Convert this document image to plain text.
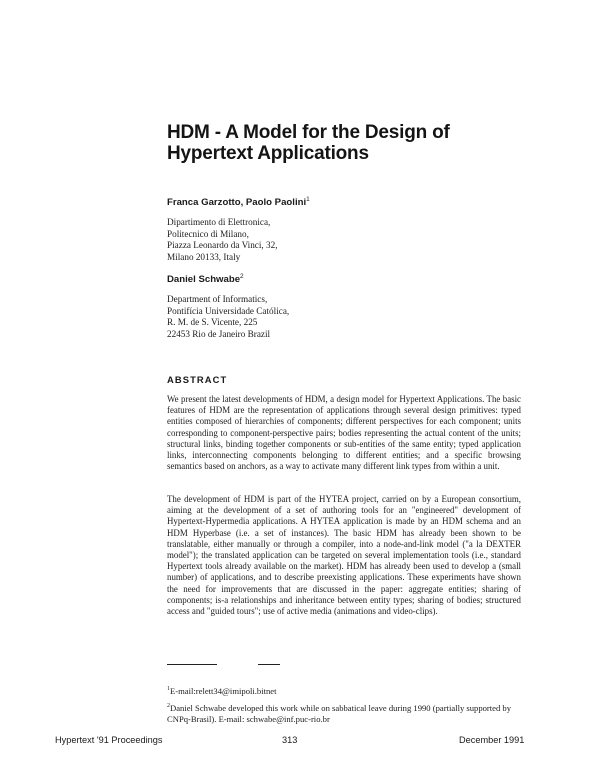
HDM - A Model for the Design of
Hypertext Applications
Franca Garzotto, Paolo Paolini$^1$
Dipartimento di Elettronica,
Politecnico di Milano,
Piazza Leonardo da Vinci, 32,
Milano 20133, Italy
Daniel Schwabe$^2$
Department of Informatics,
Pontifícia Universidade Católica,
R. M. de S. Vicente, 225
22453 Rio de Janeiro Brazil
ABSTRACT
We present the latest developments of HDM, a design model for Hypertext Applications. The basic features of HDM are the representation of applications through several design primitives: typed entities composed of hierarchies of components; different perspectives for each component; units corresponding to component-perspective pairs; bodies representing the actual content of the units; structural links, binding together components or sub-entities of the same entity; typed application links, interconnecting components belonging to different entities; and a specific browsing semantics based on anchors, as a way to activate many different link types from within a unit.
The development of HDM is part of the HYTEA project, carried on by a European consortium, aiming at the development of a set of authoring tools for an "engineered" development of Hypertext-Hypermedia applications. A HYTEA application is made by an HDM schema and an HDM Hyperbase (i.e. a set of instances). The basic HDM has already been shown to be translatable, either manually or through a compiler, into a node-and-link model ("a la DEXTER model"); the translated application can be targeted on several implementation tools (i.e., standard Hypertext tools already available on the market). HDM has already been used to develop a (small number) of applications, and to describe preexisting applications. These experiments have shown the need for improvements that are discussed in the paper: aggregate entities; sharing of components; is-a relationships and inheritance between entity types; sharing of bodies; structured access and "guided tours"; use of active media (animations and video-clips).
$^1$E-mail:relett34@imipoli.bitnet
$^2$Daniel Schwabe developed this work while on sabbatical leave during 1990 (partially supported by CNPq-Brasil). E-mail: schwabe@inf.puc-rio.br
Hypertext '91 Proceedings	313	December 1991
